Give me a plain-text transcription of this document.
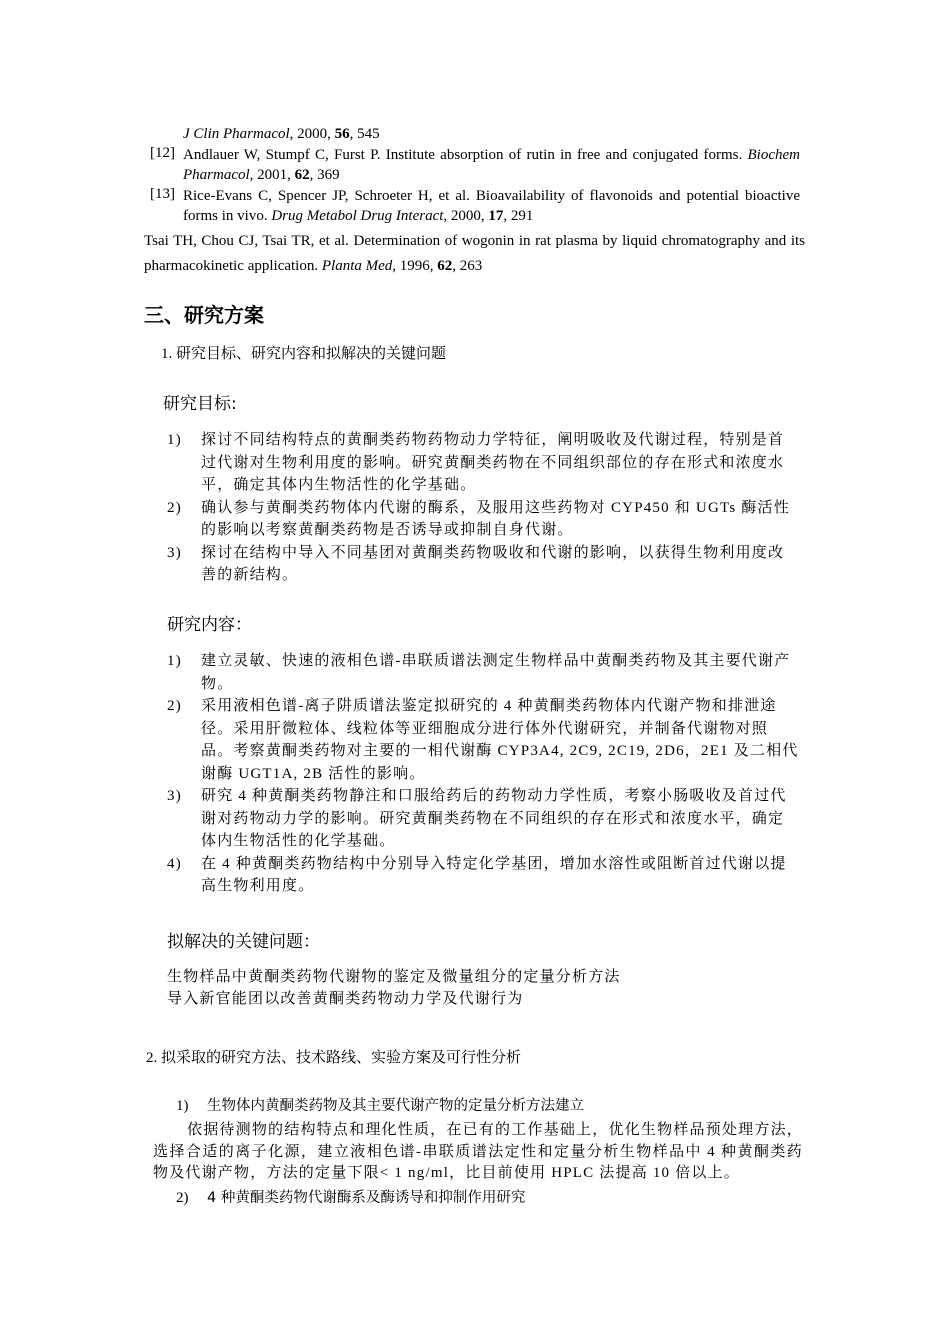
J Clin Pharmacol, 2000, 56, 545
[12] Andlauer W, Stumpf C, Furst P. Institute absorption of rutin in free and conjugated forms. Biochem Pharmacol, 2001, 62, 369
[13] Rice-Evans C, Spencer JP, Schroeter H, et al. Bioavailability of flavonoids and potential bioactive forms in vivo. Drug Metabol Drug Interact, 2000, 17, 291
Tsai TH, Chou CJ, Tsai TR, et al. Determination of wogonin in rat plasma by liquid chromatography and its pharmacokinetic application. Planta Med, 1996, 62, 263
三、研究方案
1. 研究目标、研究内容和拟解决的关键问题
研究目标:
1) 探讨不同结构特点的黄酮类药物药物动力学特征，阐明吸收及代谢过程，特别是首过代谢对生物利用度的影响。研究黄酮类药物在不同组织部位的存在形式和浓度水平，确定其体内生物活性的化学基础。
2) 确认参与黄酮类药物体内代谢的酶系，及服用这些药物对 CYP450 和 UGTs 酶活性的影响以考察黄酮类药物是否诱导或抑制自身代谢。
3) 探讨在结构中导入不同基团对黄酮类药物吸收和代谢的影响，以获得生物利用度改善的新结构。
研究内容：
1) 建立灵敏、快速的液相色谱-串联质谱法测定生物样品中黄酮类药物及其主要代谢产物。
2) 采用液相色谱-离子阱质谱法鉴定拟研究的 4 种黄酮类药物体内代谢产物和排泄途径。采用肝微粒体、线粒体等亚细胞成分进行体外代谢研究，并制备代谢物对照品。考察黄酮类药物对主要的一相代谢酶 CYP3A4, 2C9, 2C19, 2D6，2E1 及二相代谢酶 UGT1A, 2B 活性的影响。
3) 研究 4 种黄酮类药物静注和口服给药后的药物动力学性质，考察小肠吸收及首过代谢对药物动力学的影响。研究黄酮类药物在不同组织的存在形式和浓度水平，确定体内生物活性的化学基础。
4) 在 4 种黄酮类药物结构中分别导入特定化学基团，增加水溶性或阻断首过代谢以提高生物利用度。
拟解决的关键问题：
生物样品中黄酮类药物代谢物的鉴定及微量组分的定量分析方法
导入新官能团以改善黄酮类药物动力学及代谢行为
2. 拟采取的研究方法、技术路线、实验方案及可行性分析
1) 生物体内黄酮类药物及其主要代谢产物的定量分析方法建立
依据待测物的结构特点和理化性质，在已有的工作基础上，优化生物样品预处理方法，选择合适的离子化源，建立液相色谱-串联质谱法定性和定量分析生物样品中 4 种黄酮类药物及代谢产物，方法的定量下限< 1 ng/ml，比目前使用 HPLC 法提高 10 倍以上。
2) 4 种黄酮类药物代谢酶系及酶诱导和抑制作用研究
